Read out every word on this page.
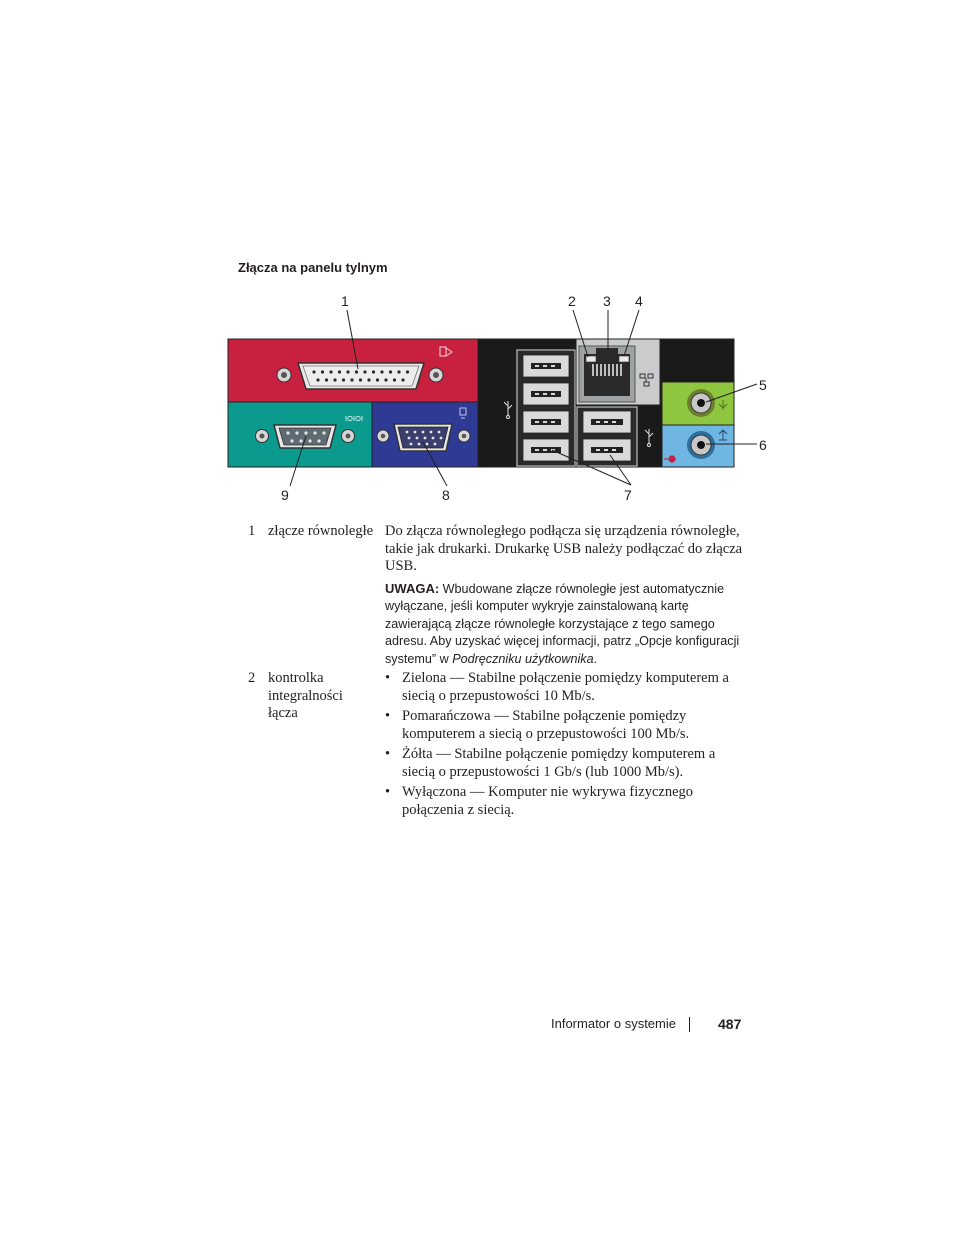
Złącza na panelu tylnym
1	2 3 4
5
6
7
8
9
1 złącze równoległe Do złącza równoległego podłącza się urządzenia równoległe, takie jak drukarki. Drukarkę USB należy podłączać do złącza USB.
UWAGA: Wbudowane złącze równoległe jest automatycznie wyłączane, jeśli komputer wykryje zainstalowaną kartę zawierającą złącze równoległe korzystające z tego samego adresu. Aby uzyskać więcej informacji, patrz „Opcje konfiguracji systemu” w Podręczniku użytkownika.
2 kontrolka integralności łącza
• Zielona — Stabilne połączenie pomiędzy komputerem a siecią o przepustowości 10 Mb/s.
• Pomarańczowa — Stabilne połączenie pomiędzy komputerem a siecią o przepustowości 100 Mb/s.
• Żółta — Stabilne połączenie pomiędzy komputerem a siecią o przepustowości 1 Gb/s (lub 1000 Mb/s).
• Wyłączona — Komputer nie wykrywa fizycznego połączenia z siecią.
Informator o systemie	487
